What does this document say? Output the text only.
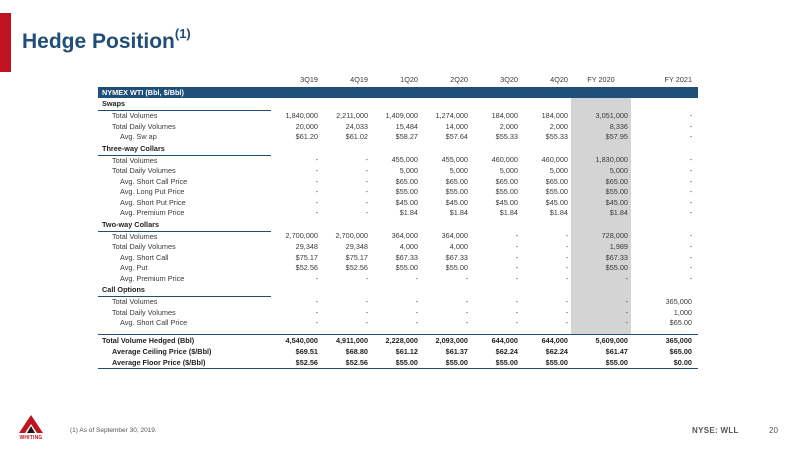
Hedge Position$^{(1)}$
	3Q19	4Q19	1Q20	2Q20	3Q20	4Q20	FY 2020	FY 2021
NYMEX WTI (Bbl, $/Bbl)								
Swaps								
Total Volumes	1,840,000	2,211,000	1,409,000	1,274,000	184,000	184,000	3,051,000	-
Total Daily Volumes	20,000	24,033	15,484	14,000	2,000	2,000	8,336	-
Avg. Sw ap	$61.20	$61.02	$58.27	$57.64	$55.33	$55.33	$57.95	-
Three-way Collars								
Total Volumes	-	-	455,000	455,000	460,000	460,000	1,830,000	-
Total Daily Volumes	-	-	5,000	5,000	5,000	5,000	5,000	-
Avg. Short Call Price	-	-	$65.00	$65.00	$65.00	$65.00	$65.00	-
Avg. Long Put Price	-	-	$55.00	$55.00	$55.00	$55.00	$55.00	-
Avg. Short Put Price	-	-	$45.00	$45.00	$45.00	$45.00	$45.00	-
Avg. Premium Price	-	-	$1.84	$1.84	$1.84	$1.84	$1.84	-
Two-way Collars								
Total Volumes	2,700,000	2,700,000	364,000	364,000	-	-	728,000	-
Total Daily Volumes	29,348	29,348	4,000	4,000	-	-	1,989	-
Avg. Short Call	$75.17	$75.17	$67.33	$67.33	-	-	$67.33	-
Avg. Put	$52.56	$52.56	$55.00	$55.00	-	-	$55.00	-
Avg. Premium Price	-	-	-	-	-	-	-	-
Call Options								
Total Volumes	-	-	-	-	-	-	-	365,000
Total Daily Volumes	-	-	-	-	-	-	-	1,000
Avg. Short Call Price	-	-	-	-	-	-	-	$65.00

Total Volume Hedged (Bbl)	4,540,000	4,911,000	2,228,000	2,093,000	644,000	644,000	5,609,000	365,000
Average Ceiling Price ($/Bbl)	$69.51	$68.80	$61.12	$61.37	$62.24	$62.24	$61.47	$65.00
Average Floor Price ($/Bbl)	$52.56	$52.56	$55.00	$55.00	$55.00	$55.00	$55.00	$0.00
WHITING
(1) As of September 30, 2019.	NYSE: WLL	20
